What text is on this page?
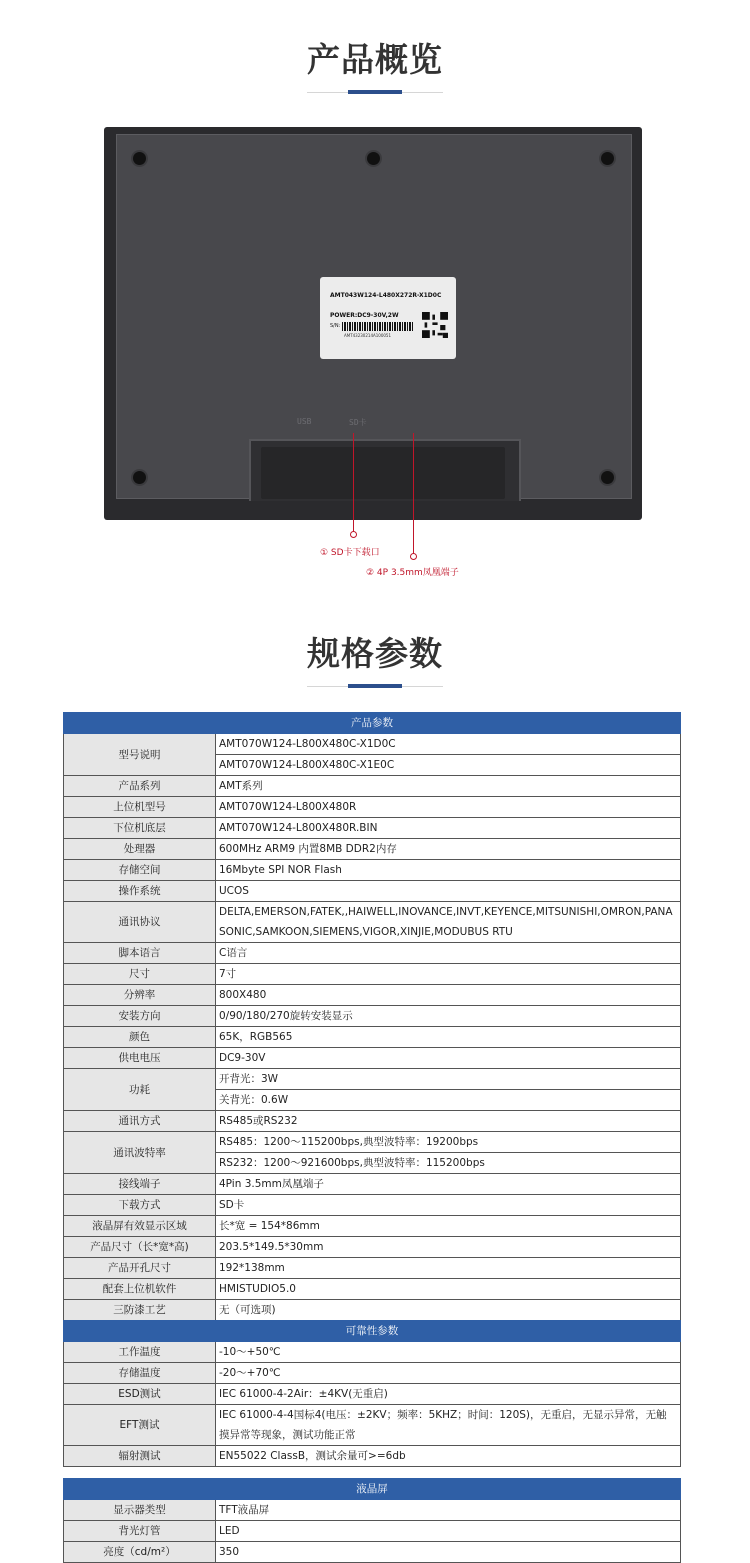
产品概览
AMT043W124-L480X272R-X1D0C
POWER:DC9-30V,2W
S/N:
AMT43230214A100051
USB	SD卡
① SD卡下载口
② 4P 3.5mm凤凰端子
规格参数
产品参数	
型号说明	AMT070W124-L800X480C-X1D0C
	AMT070W124-L800X480C-X1E0C
产品系列	AMT系列
上位机型号	AMT070W124-L800X480R
下位机底层	AMT070W124-L800X480R.BIN
处理器	600MHz ARM9 内置8MB DDR2内存
存储空间	16Mbyte SPI NOR Flash
操作系统	UCOS
通讯协议	DELTA,EMERSON,FATEK,,HAIWELL,INOVANCE,INVT,KEYENCE,MITSUNISHI,OMRON,PANASONIC,SAMKOON,SIEMENS,VIGOR,XINJIE,MODUBUS RTU
脚本语言	C语言
尺寸	7寸
分辨率	800X480
安装方向	0/90/180/270旋转安装显示
颜色	65K，RGB565
供电电压	DC9-30V
功耗	开背光：3W
	关背光：0.6W
通讯方式	RS485或RS232
通讯波特率	RS485：1200～115200bps,典型波特率：19200bps
	RS232：1200～921600bps,典型波特率：115200bps
接线端子	4Pin 3.5mm凤凰端子
下载方式	SD卡
液晶屏有效显示区域	长*宽 = 154*86mm
产品尺寸（长*宽*高)	203.5*149.5*30mm
产品开孔尺寸	192*138mm
配套上位机软件	HMISTUDIO5.0
三防漆工艺	无（可选项)
可靠性参数	
工作温度	-10～+50℃
存储温度	-20～+70℃
ESD测试	IEC 61000-4-2Air：±4KV(无重启)
EFT测试	IEC 61000-4-4国标4(电压：±2KV；频率：5KHZ；时间：120S)，无重启，无显示异常，无触摸异常等现象，测试功能正常
辐射测试	EN55022 ClassB，测试余量可>=6db
液晶屏	
显示器类型	TFT液晶屏
背光灯管	LED
亮度（cd/m²）	350
